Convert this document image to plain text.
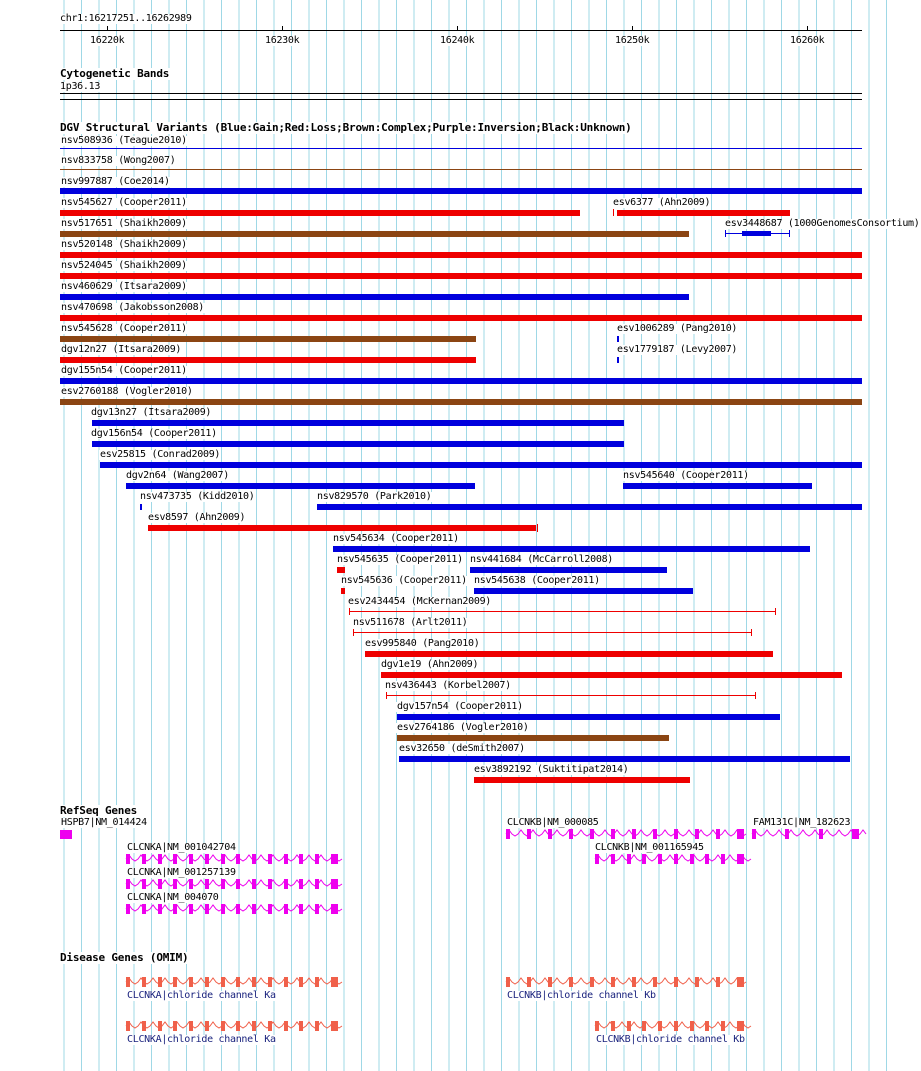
chr1:16217251..16262989
16220k	16230k	16240k	16250k	16260k
Cytogenetic Bands
1p36.13
DGV Structural Variants (Blue:Gain;Red:Loss;Brown:Complex;Purple:Inversion;Black:Unknown)
nsv508936 (Teague2010)
nsv833758 (Wong2007)
nsv997887 (Coe2014)
nsv545627 (Cooper2011)	esv6377 (Ahn2009)
nsv517651 (Shaikh2009)	esv3448687 (1000GenomesConsortium)
nsv520148 (Shaikh2009)
nsv524045 (Shaikh2009)
nsv460629 (Itsara2009)
nsv470698 (Jakobsson2008)
nsv545628 (Cooper2011)	esv1006289 (Pang2010)
dgv12n27 (Itsara2009)	esv1779187 (Levy2007)
dgv155n54 (Cooper2011)
esv2760188 (Vogler2010)
dgv13n27 (Itsara2009)
dgv156n54 (Cooper2011)
esv25815 (Conrad2009)
dgv2n64 (Wang2007)	nsv545640 (Cooper2011)
nsv473735 (Kidd2010)	nsv829570 (Park2010)
esv8597 (Ahn2009)
nsv545634 (Cooper2011)
nsv545635 (Cooper2011) nsv441684 (McCarroll2008)
nsv545636 (Cooper2011) nsv545638 (Cooper2011)
esv2434454 (McKernan2009)
nsv511678 (Arlt2011)
esv995840 (Pang2010)
dgv1e19 (Ahn2009)
nsv436443 (Korbel2007)
dgv157n54 (Cooper2011)
esv2764186 (Vogler2010)
esv32650 (deSmith2007)
esv3892192 (Suktitipat2014)
RefSeq Genes
HSPB7|NM_014424	CLCNKB|NM_000085	FAM131C|NM_182623
CLCNKA|NM_001042704	CLCNKB|NM_001165945
CLCNKA|NM_001257139
CLCNKA|NM_004070
Disease Genes (OMIM)
CLCNKA|chloride channel Ka	CLCNKB|chloride channel Kb
CLCNKA|chloride channel Ka	CLCNKB|chloride channel Kb
